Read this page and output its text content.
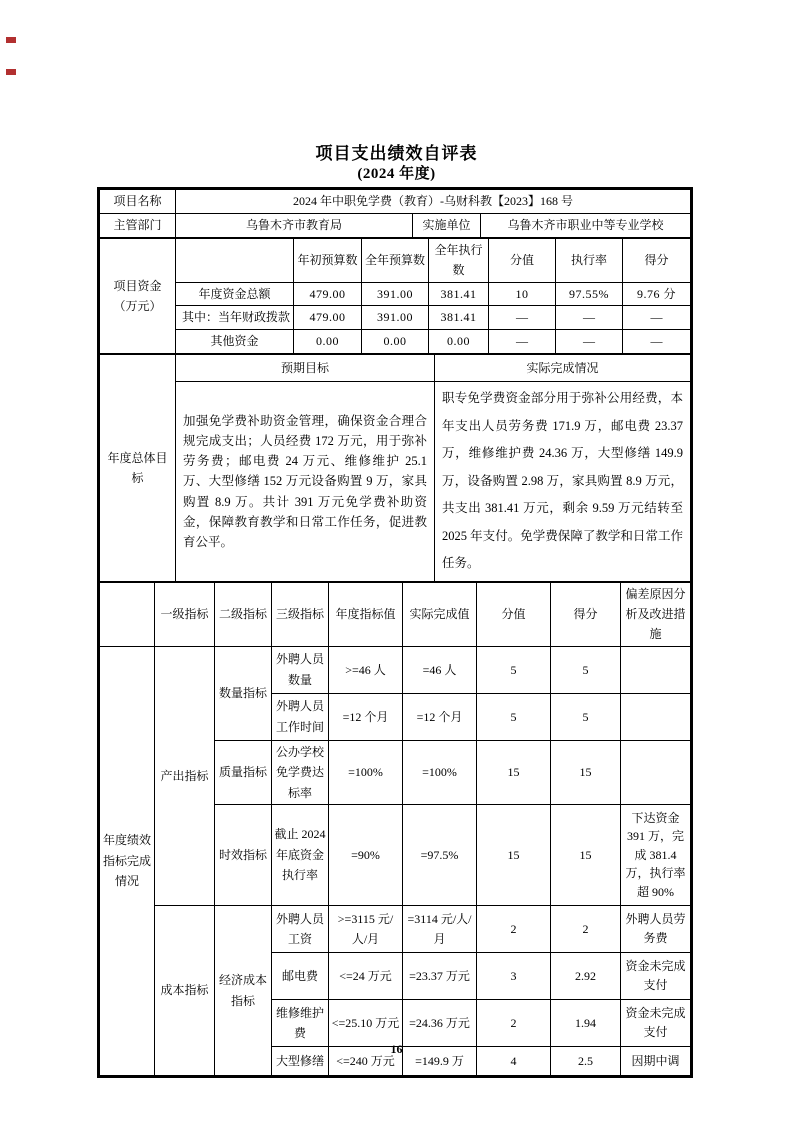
项目支出绩效自评表
(2024 年度)
项目名称	2024 年中职免学费（教育）-乌财科教【2023】168 号		
主管部门	乌鲁木齐市教育局	实施单位	乌鲁木齐市职业中等专业学校
项目资金（万元）		年初预算数	全年预算数	全年执行数	分值	执行率	得分
	年度资金总额	479.00	391.00	381.41	10	97.55%	9.76 分
	其中：当年财政拨款	479.00	391.00	381.41	—	—	—
	其他资金	0.00	0.00	0.00	—	—	—
年度总体目标	预期目标	实际完成情况
	加强免学费补助资金管理，确保资金合理合规完成支出；人员经费 172 万元，用于弥补劳务费；邮电费 24 万元、维修维护 25.1 万、大型修缮 152 万元设备购置 9 万，家具购置 8.9 万。共计 391 万元免学费补助资金，保障教育教学和日常工作任务，促进教育公平。	职专免学费资金部分用于弥补公用经费，本年支出人员劳务费 171.9 万，邮电费 23.37 万，维修维护费 24.36 万，大型修缮 149.9 万，设备购置 2.98 万，家具购置 8.9 万元，共支出 381.41 万元，剩余 9.59 万元结转至 2025 年支付。免学费保障了教学和日常工作任务。
	一级指标	二级指标	三级指标	年度指标值	实际完成值	分值	得分	偏差原因分析及改进措施
年度绩效指标完成情况	产出指标	数量指标	外聘人员数量	>=46 人	=46 人	5	5	
			外聘人员工作时间	=12 个月	=12 个月	5	5	
		质量指标	公办学校免学费达标率	=100%	=100%	15	15	
		时效指标	截止 2024 年底资金执行率	=90%	=97.5%	15	15	下达资金 391 万，完成 381.4 万，执行率超 90%
	成本指标	经济成本指标	外聘人员工资	>=3115 元/人/月	=3114 元/人/月	2	2	外聘人员劳务费
			邮电费	<=24 万元	=23.37 万元	3	2.92	资金未完成支付
			维修维护费	<=25.10 万元	=24.36 万元	2	1.94	资金未完成支付
			大型修缮	<=240 万元	=149.9 万	4	2.5	因期中调
16
